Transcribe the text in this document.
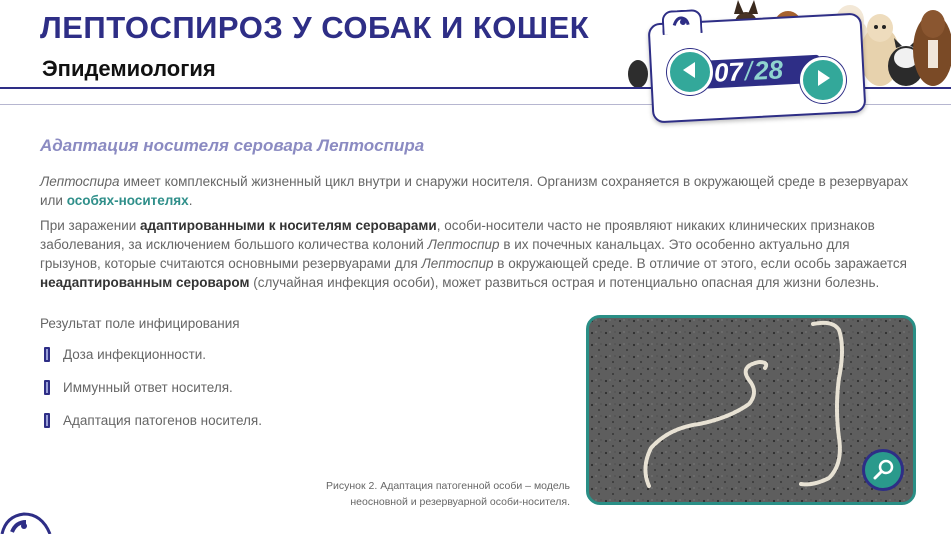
ЛЕПТОСПИРОЗ У СОБАК И КОШЕК
Эпидемиология	07/28
Адаптация носителя серовара Лептоспира
Лептоспира имеет комплексный жизненный цикл внутри и снаружи носителя. Организм сохраняется в окружающей среде в резервуарах или особях-носителях.
При заражении адаптированными к носителям сероварами, особи-носители часто не проявляют никаких клинических признаков заболевания, за исключением большого количества колоний Лептоспир в их почечных канальцах. Это особенно актуально для грызунов, которые считаются основными резервуарами для Лептоспир в окружающей среде. В отличие от этого, если особь заражается неадаптированным сероваром (случайная инфекция особи), может развиться острая и потенциально опасная для жизни болезнь.
Результат поле инфицирования
Доза инфекционности.
Иммунный ответ носителя.
Адаптация патогенов носителя.
Рисунок 2. Адаптация патогенной особи – модель
неосновной и резервуарной особи-носителя.
